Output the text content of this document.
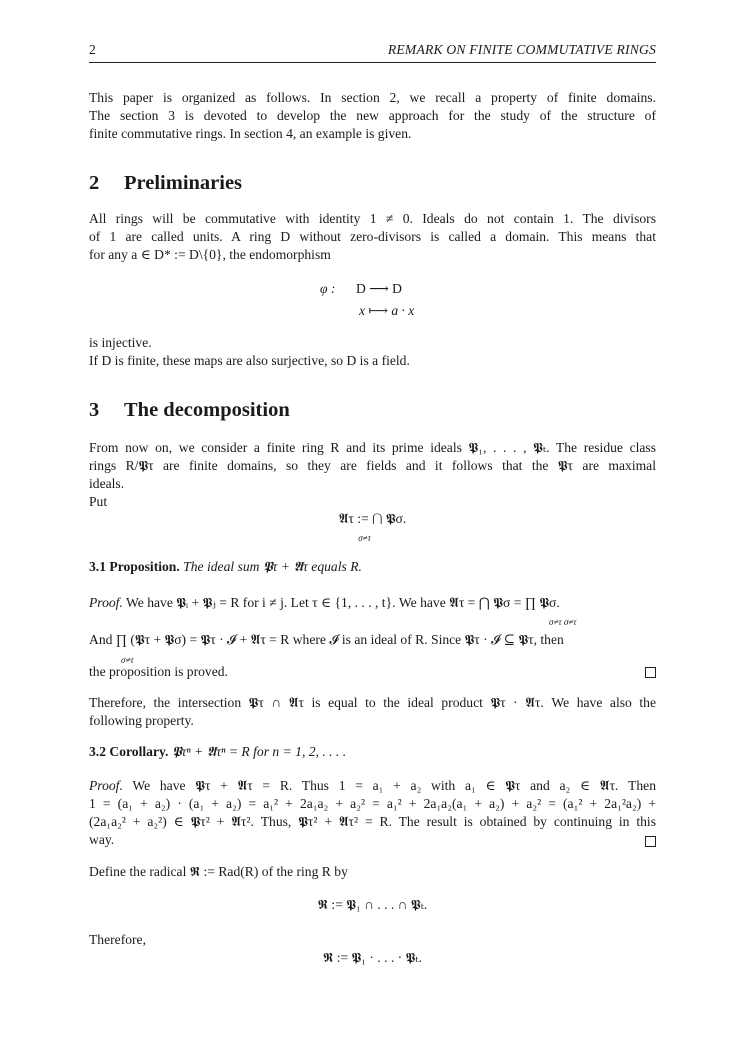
2	REMARK ON FINITE COMMUTATIVE RINGS
This paper is organized as follows. In section 2, we recall a property of finite domains.
The section 3 is devoted to develop the new approach for the study of the structure of
finite commutative rings. In section 4, an example is given.
2 Preliminaries
All rings will be commutative with identity 1 ≠ 0. Ideals do not contain 1. The divisors
of 1 are called units. A ring D without zero-divisors is called a domain. This means that
for any a ∈ D* := D\{0}, the endomorphism
φ : D ⟶ D
x ⟼ a · x
is injective.
If D is finite, these maps are also surjective, so D is a field.
3 The decomposition
From now on, we consider a finite ring R and its prime ideals 𝕻₁, . . . , 𝕻ₜ. The residue class
rings R/𝕻τ are finite domains, so they are fields and it follows that the 𝕻τ are maximal
ideals.
Put
𝕬τ := ⋂ 𝕻σ.
σ≠τ
3.1 Proposition. The ideal sum 𝕻τ + 𝕬τ equals R.
Proof. We have 𝕻ᵢ + 𝕻ⱼ = R for i ≠ j. Let τ ∈ {1, . . . , t}. We have 𝕬τ = ⋂ 𝕻σ = ∏ 𝕻σ.
σ≠τ σ≠τ
And ∏ (𝕻τ + 𝕻σ) = 𝕻τ · 𝓘 + 𝕬τ = R where 𝓘 is an ideal of R. Since 𝕻τ · 𝓘 ⊆ 𝕻τ, then
σ≠τ
the proposition is proved.
Therefore, the intersection 𝕻τ ∩ 𝕬τ is equal to the ideal product 𝕻τ · 𝕬τ. We have also the
following property.
3.2 Corollary. 𝕻τⁿ + 𝕬τⁿ = R for n = 1, 2, . . . .
Proof. We have 𝕻τ + 𝕬τ = R. Thus 1 = a₁ + a₂ with a₁ ∈ 𝕻τ and a₂ ∈ 𝕬τ. Then
1 = (a₁ + a₂) · (a₁ + a₂) = a₁² + 2a₁a₂ + a₂² = a₁² + 2a₁a₂(a₁ + a₂) + a₂² = (a₁² + 2a₁²a₂) +
(2a₁a₂² + a₂²) ∈ 𝕻τ² + 𝕬τ². Thus, 𝕻τ² + 𝕬τ² = R. The result is obtained by continuing in this
way.
Define the radical 𝕽 := Rad(R) of the ring R by
𝕽 := 𝕻₁ ∩ . . . ∩ 𝕻ₜ.
Therefore,
𝕽 := 𝕻₁ · . . . · 𝕻ₜ.
